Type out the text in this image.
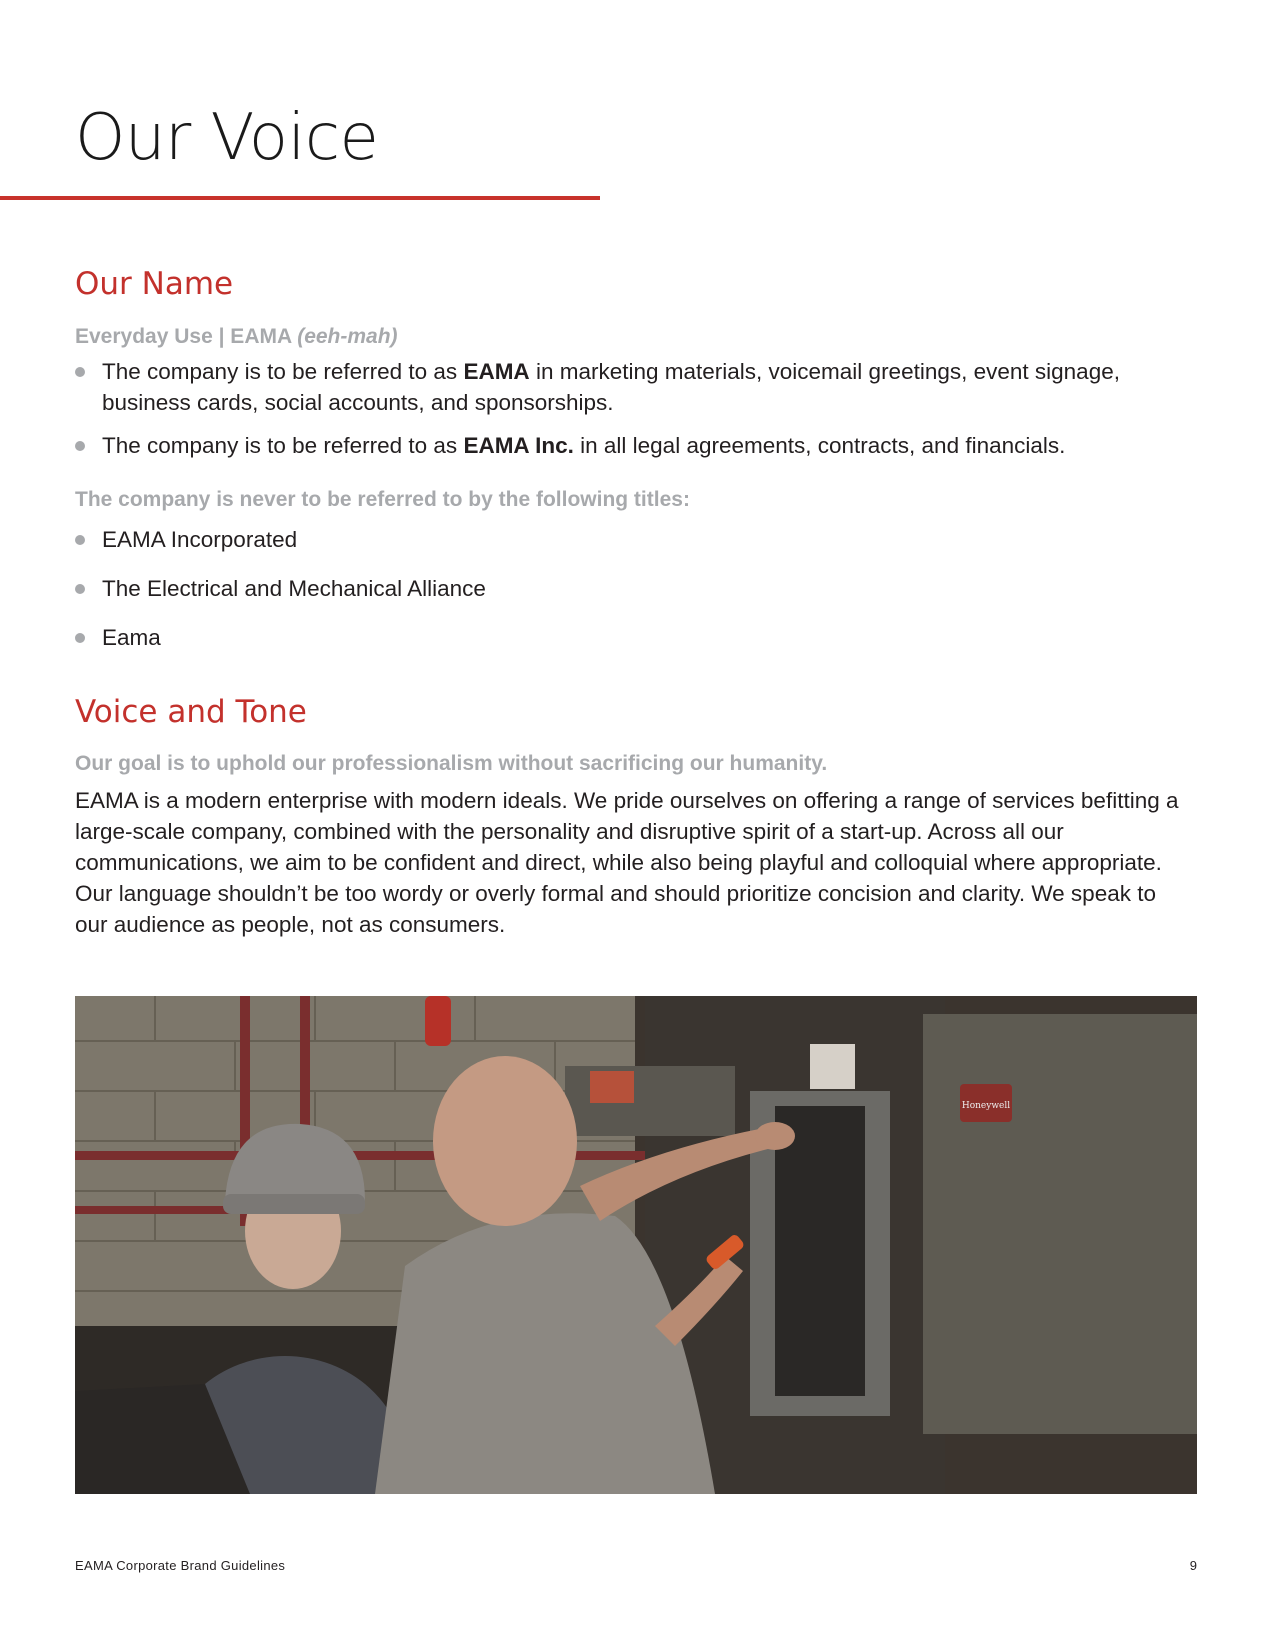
Our Voice
Our Name

Everyday Use | EAMA (eeh-mah)

The company is to be referred to as EAMA in marketing materials, voicemail greetings, event signage, business cards, social accounts, and sponsorships.
The company is to be referred to as EAMA Inc. in all legal agreements, contracts, and financials.

The company is never to be referred to by the following titles:

EAMA Incorporated
The Electrical and Mechanical Alliance
Eama
Voice and Tone

Our goal is to uphold our professionalism without sacrificing our humanity.

EAMA is a modern enterprise with modern ideals. We pride ourselves on offering a range of services befitting a large-scale company, combined with the personality and disruptive spirit of a start-up. Across all our communications, we aim to be confident and direct, while also being playful and colloquial where appropriate. Our language shouldn’t be too wordy or overly formal and should prioritize concision and clarity. We speak to our audience as people, not as consumers.

Honeywell
EAMA Corporate Brand Guidelines	9
